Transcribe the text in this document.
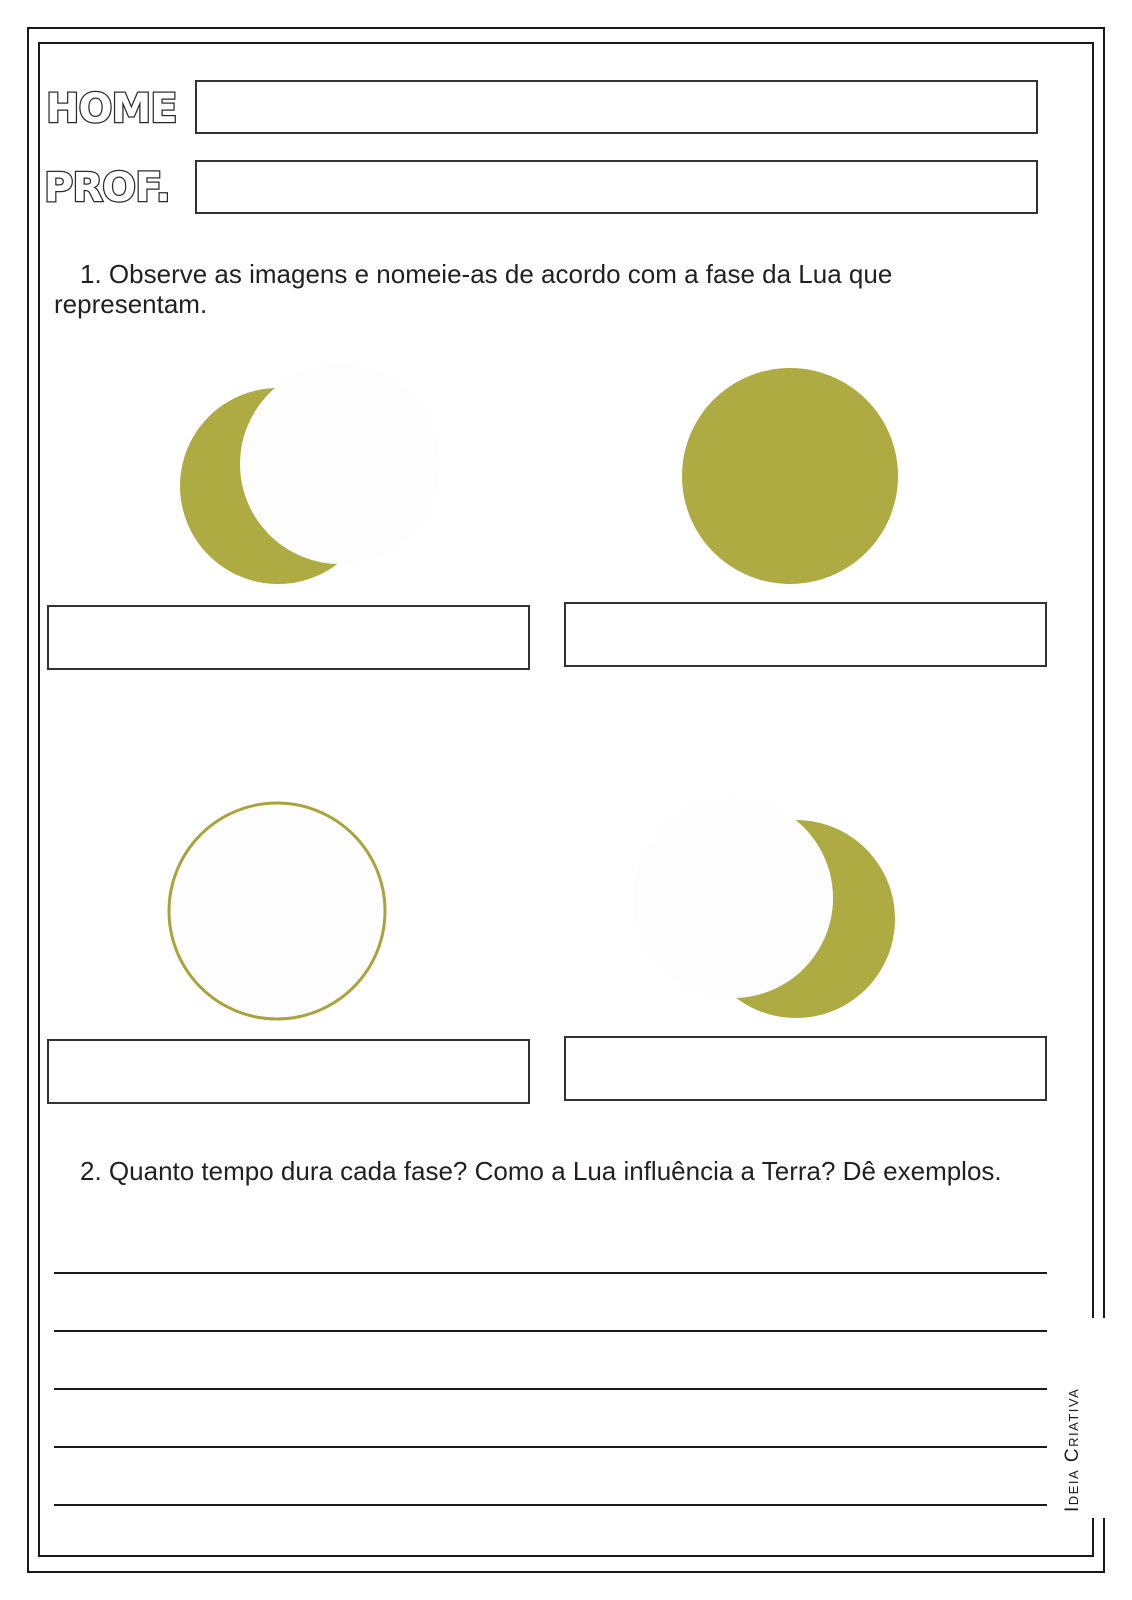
Ideia Criativa
HOME
PROF.
1. Observe as imagens e nomeie-as de acordo com a fase da Lua que representam.
2. Quanto tempo dura cada fase? Como a Lua influência a Terra? Dê exemplos.
